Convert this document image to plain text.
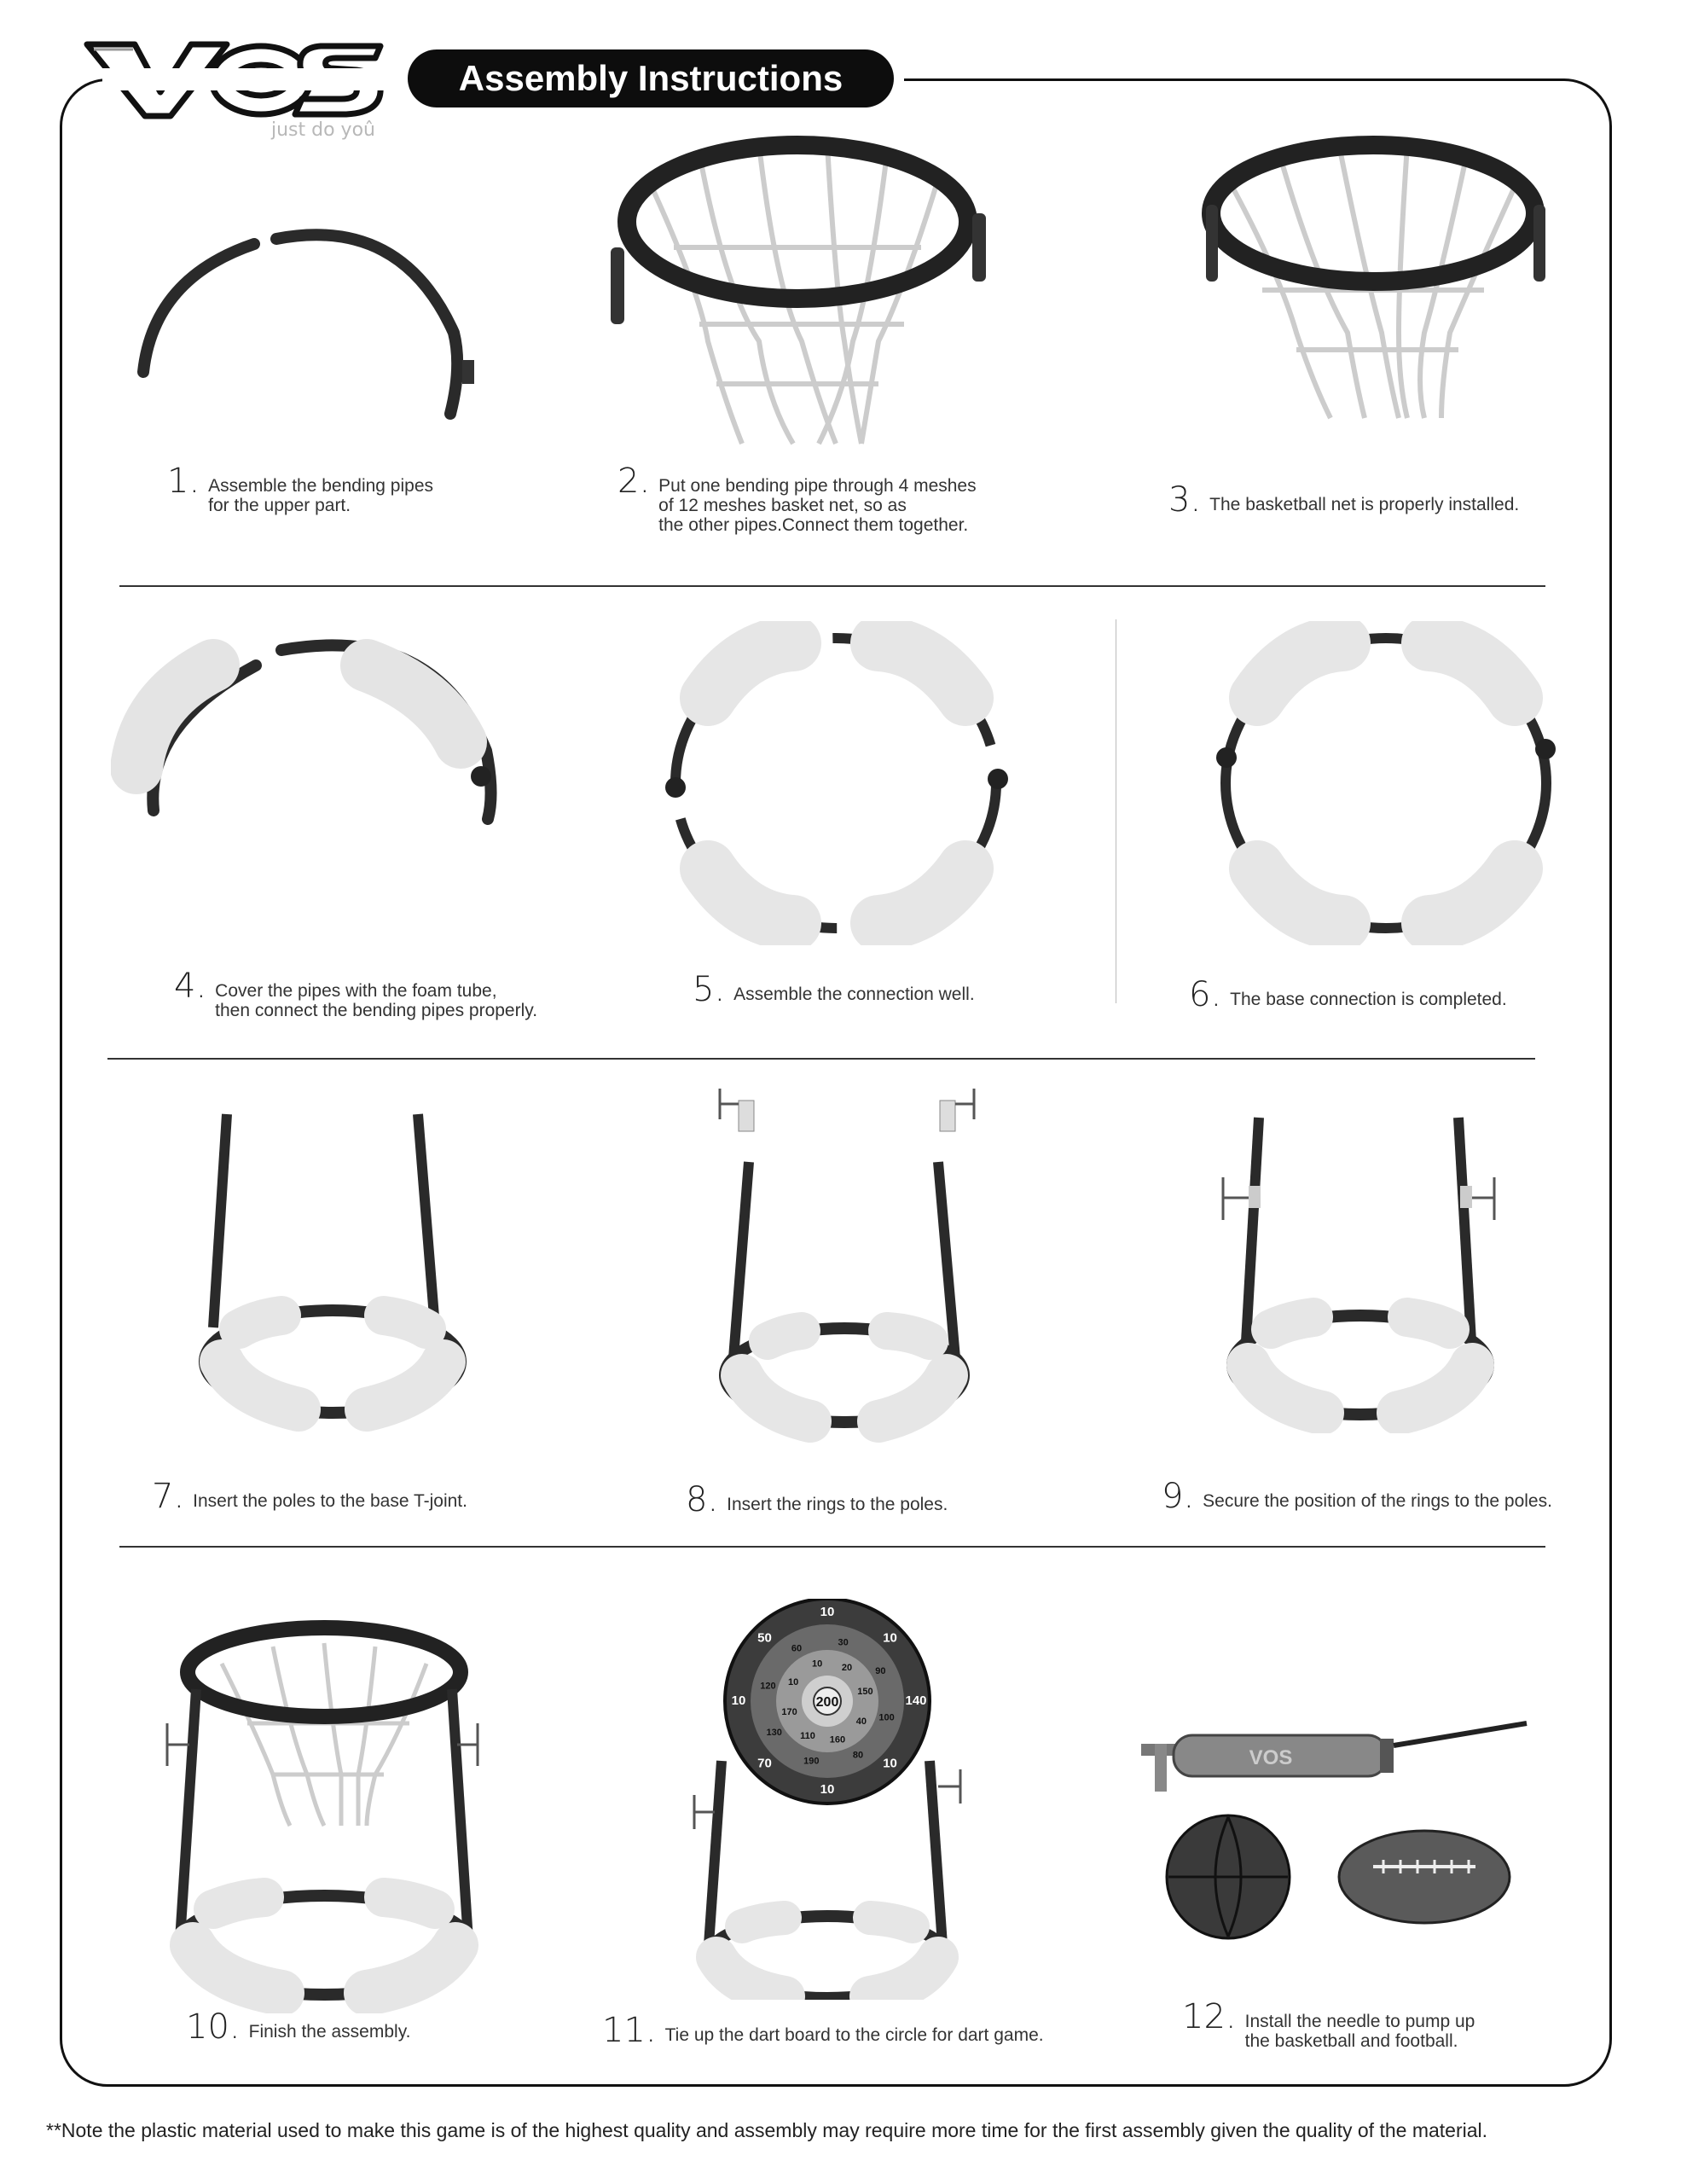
just do yoû
Assembly Instructions
1. Assemble the bending pipes
for the upper part.
2. Put one bending pipe through 4 meshes
of 12 meshes basket net, so as
the other pipes.Connect them together.
3. The basketball net is properly installed.
4. Cover the pipes with the foam tube,
then connect the bending pipes properly.
5. Assemble the connection well.	6. The base connection is completed.
7. Insert the poles to the base T-joint.	8. Insert the rings to the poles.	9. Secure the position of the rings to the poles.
200
10
30
20
10
90
150
140
100
40
10
80
160
10
190
110
70
130
170
10
120 10
50
60
10
VOS
10. Finish the assembly.	11. Tie up the dart board to the circle for dart game.	12. Install the needle to pump up
the basketball and football.
**Note the plastic material used to make this game is of the highest quality and assembly may require more time for the first assembly given the quality of the material.
